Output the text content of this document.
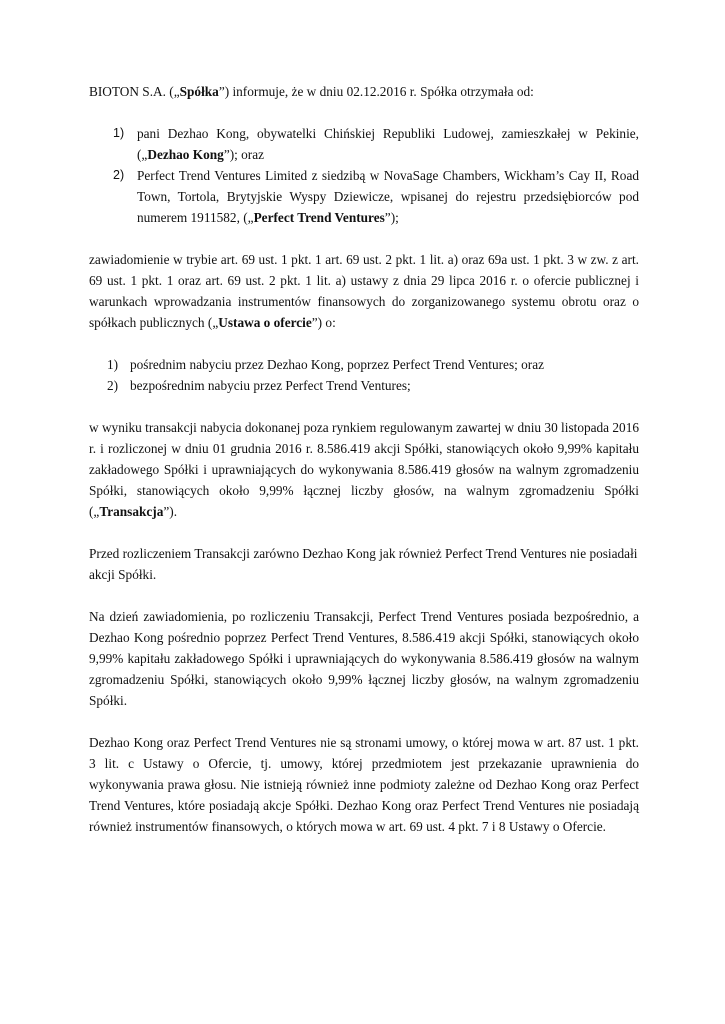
BIOTON S.A. („Spółka”) informuje, że w dniu 02.12.2016 r. Spółka otrzymała od:

1) pani Dezhao Kong, obywatelki Chińskiej Republiki Ludowej, zamieszkałej w Pekinie, („Dezhao Kong”); oraz
2) Perfect Trend Ventures Limited z siedzibą w NovaSage Chambers, Wickham’s Cay II, Road Town, Tortola, Brytyjskie Wyspy Dziewicze, wpisanej do rejestru przedsiębiorców pod numerem 1911582, („Perfect Trend Ventures”);

zawiadomienie w trybie art. 69 ust. 1 pkt. 1 art. 69 ust. 2 pkt. 1 lit. a) oraz 69a ust. 1 pkt. 3 w zw. z art. 69 ust. 1 pkt. 1 oraz art. 69 ust. 2 pkt. 1 lit. a) ustawy z dnia 29 lipca 2016 r. o ofercie publicznej i warunkach wprowadzania instrumentów finansowych do zorganizowanego systemu obrotu oraz o spółkach publicznych („Ustawa o ofercie”) o:

1) pośrednim nabyciu przez Dezhao Kong, poprzez Perfect Trend Ventures; oraz
2) bezpośrednim nabyciu przez Perfect Trend Ventures;

w wyniku transakcji nabycia dokonanej poza rynkiem regulowanym zawartej w dniu 30 listopada 2016 r. i rozliczonej w dniu 01 grudnia 2016 r. 8.586.419 akcji Spółki, stanowiących około 9,99% kapitału zakładowego Spółki i uprawniających do wykonywania 8.586.419 głosów na walnym zgromadzeniu Spółki, stanowiących około 9,99% łącznej liczby głosów, na walnym zgromadzeniu Spółki („Transakcja”).

Przed rozliczeniem Transakcji zarówno Dezhao Kong jak również Perfect Trend Ventures nie posiadałi akcji Spółki.

Na dzień zawiadomienia, po rozliczeniu Transakcji, Perfect Trend Ventures posiada bezpośrednio, a Dezhao Kong pośrednio poprzez Perfect Trend Ventures, 8.586.419 akcji Spółki, stanowiących około 9,99% kapitału zakładowego Spółki i uprawniających do wykonywania 8.586.419 głosów na walnym zgromadzeniu Spółki, stanowiących około 9,99% łącznej liczby głosów, na walnym zgromadzeniu Spółki.

Dezhao Kong oraz Perfect Trend Ventures nie są stronami umowy, o której mowa w art. 87 ust. 1 pkt. 3 lit. c Ustawy o Ofercie, tj. umowy, której przedmiotem jest przekazanie uprawnienia do wykonywania prawa głosu. Nie istnieją również inne podmioty zależne od Dezhao Kong oraz Perfect Trend Ventures, które posiadają akcje Spółki. Dezhao Kong oraz Perfect Trend Ventures nie posiadają również instrumentów finansowych, o których mowa w art. 69 ust. 4 pkt. 7 i 8 Ustawy o Ofercie.
